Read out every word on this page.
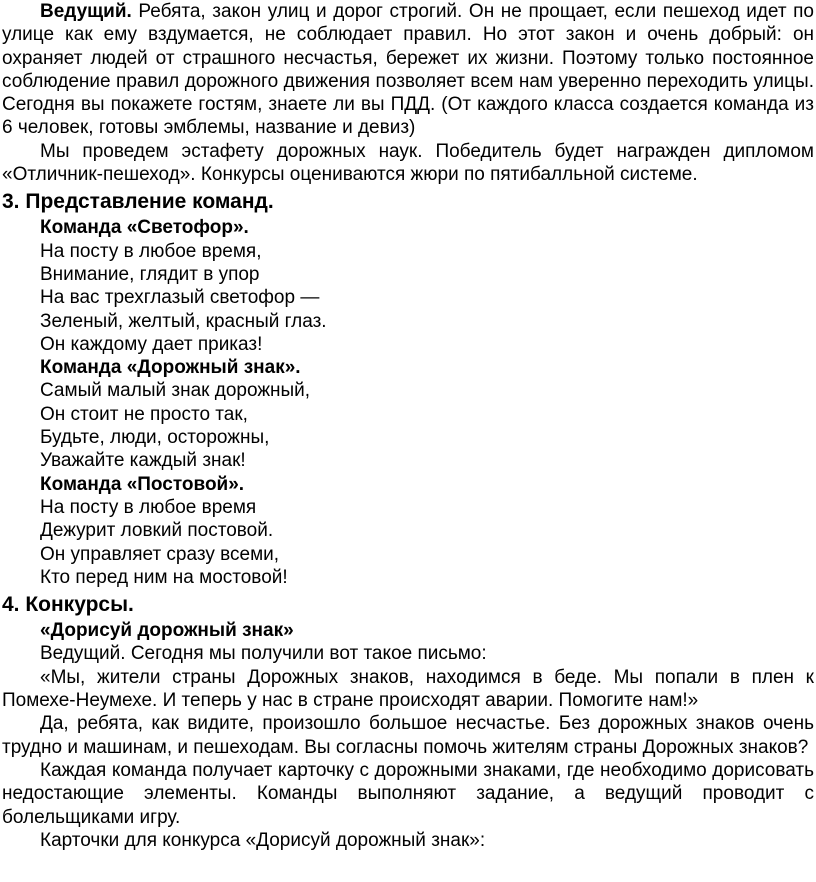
Ведущий. Ребята, закон улиц и дорог строгий. Он не прощает, если пешеход идет по улице как ему вздумается, не соблюдает правил. Но этот закон и очень добрый: он охраняет людей от страшного несчастья, бережет их жизни. Поэтому только постоянное соблюдение правил дорожного движения позволяет всем нам уверенно переходить улицы. Сегодня вы покажете гостям, знаете ли вы ПДД. (От каждого класса создается команда из 6 человек, готовы эмблемы, название и девиз)

Мы проведем эстафету дорожных наук. Победитель будет награжден дипломом «Отличник-пешеход». Конкурсы оцениваются жюри по пятибалльной системе.

3. Представление команд.

Команда «Светофор».

На посту в любое время,

Внимание, глядит в упор

На вас трехглазый светофор —

Зеленый, желтый, красный глаз.

Он каждому дает приказ!

Команда «Дорожный знак».

Самый малый знак дорожный,

Он стоит не просто так,

Будьте, люди, осторожны,

Уважайте каждый знак!

Команда «Постовой».

На посту в любое время

Дежурит ловкий постовой.

Он управляет сразу всеми,

Кто перед ним на мостовой!

4. Конкурсы.

«Дорисуй дорожный знак»

Ведущий. Сегодня мы получили вот такое письмо:

«Мы, жители страны Дорожных знаков, находимся в беде. Мы попали в плен к Помехе-Неумехе. И теперь у нас в стране происходят аварии. Помогите нам!»

Да, ребята, как видите, произошло большое несчастье. Без дорожных знаков очень трудно и машинам, и пешеходам. Вы согласны помочь жителям страны Дорожных знаков?

Каждая команда получает карточку с дорожными знаками, где необходимо дорисовать недостающие элементы. Команды выполняют задание, а ведущий проводит с болельщиками игру.

Карточки для конкурса «Дорисуй дорожный знак»:
